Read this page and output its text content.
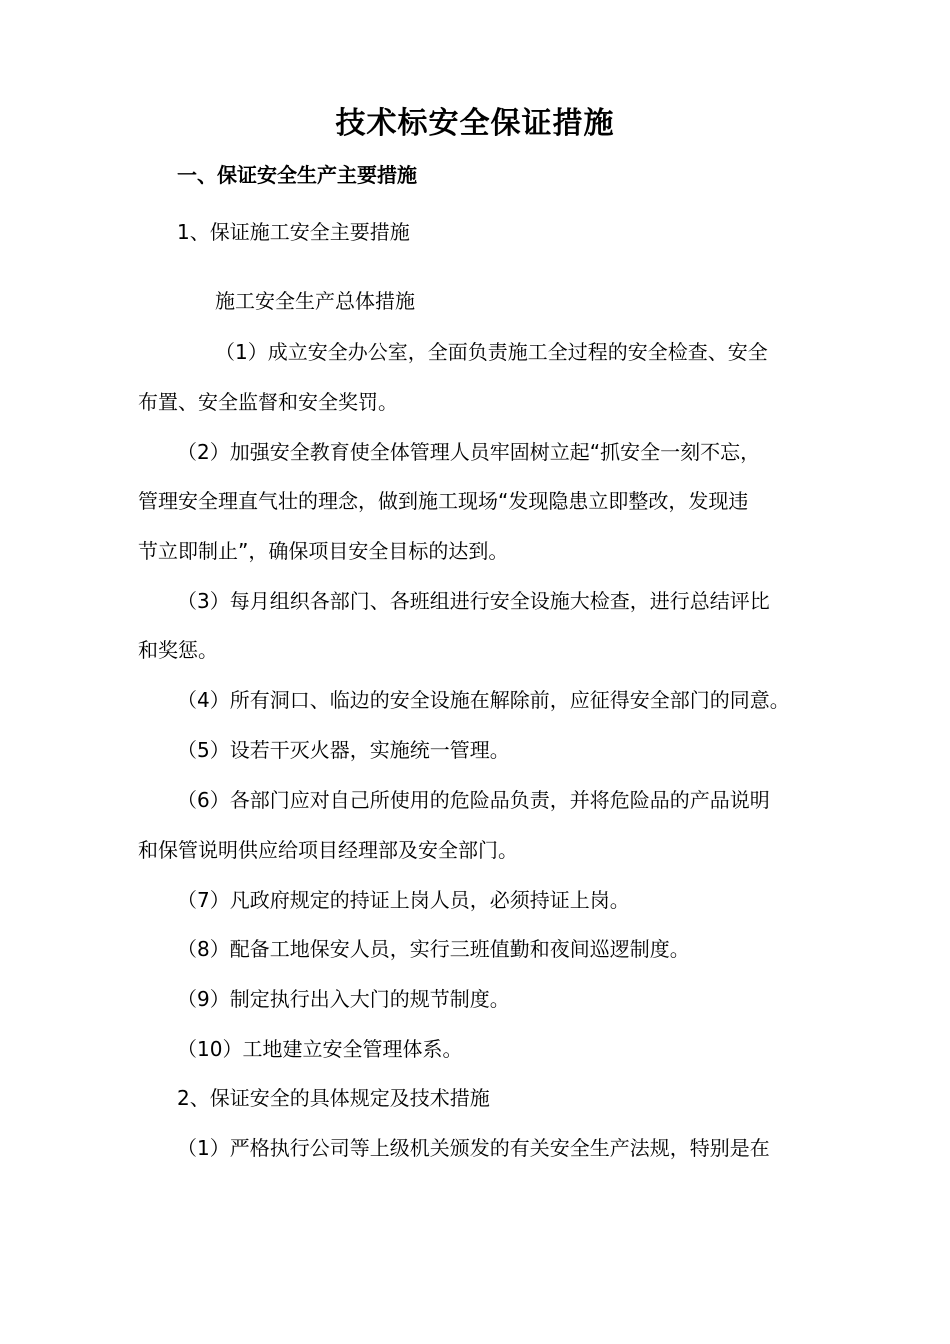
技术标安全保证措施
一、保证安全生产主要措施
1、保证施工安全主要措施
施工安全生产总体措施
（1）成立安全办公室，全面负责施工全过程的安全检查、安全
布置、安全监督和安全奖罚。
（2）加强安全教育使全体管理人员牢固树立起“抓安全一刻不忘，
管理安全理直气壮的理念，做到施工现场“发现隐患立即整改，发现违
节立即制止”，确保项目安全目标的达到。
（3）每月组织各部门、各班组进行安全设施大检查，进行总结评比
和奖惩。
（4）所有洞口、临边的安全设施在解除前，应征得安全部门的同意。
（5）设若干灭火器，实施统一管理。
（6）各部门应对自己所使用的危险品负责，并将危险品的产品说明
和保管说明供应给项目经理部及安全部门。
（7）凡政府规定的持证上岗人员，必须持证上岗。
（8）配备工地保安人员，实行三班值勤和夜间巡逻制度。
（9）制定执行出入大门的规节制度。
（10）工地建立安全管理体系。
2、保证安全的具体规定及技术措施
（1）严格执行公司等上级机关颁发的有关安全生产法规，特别是在
